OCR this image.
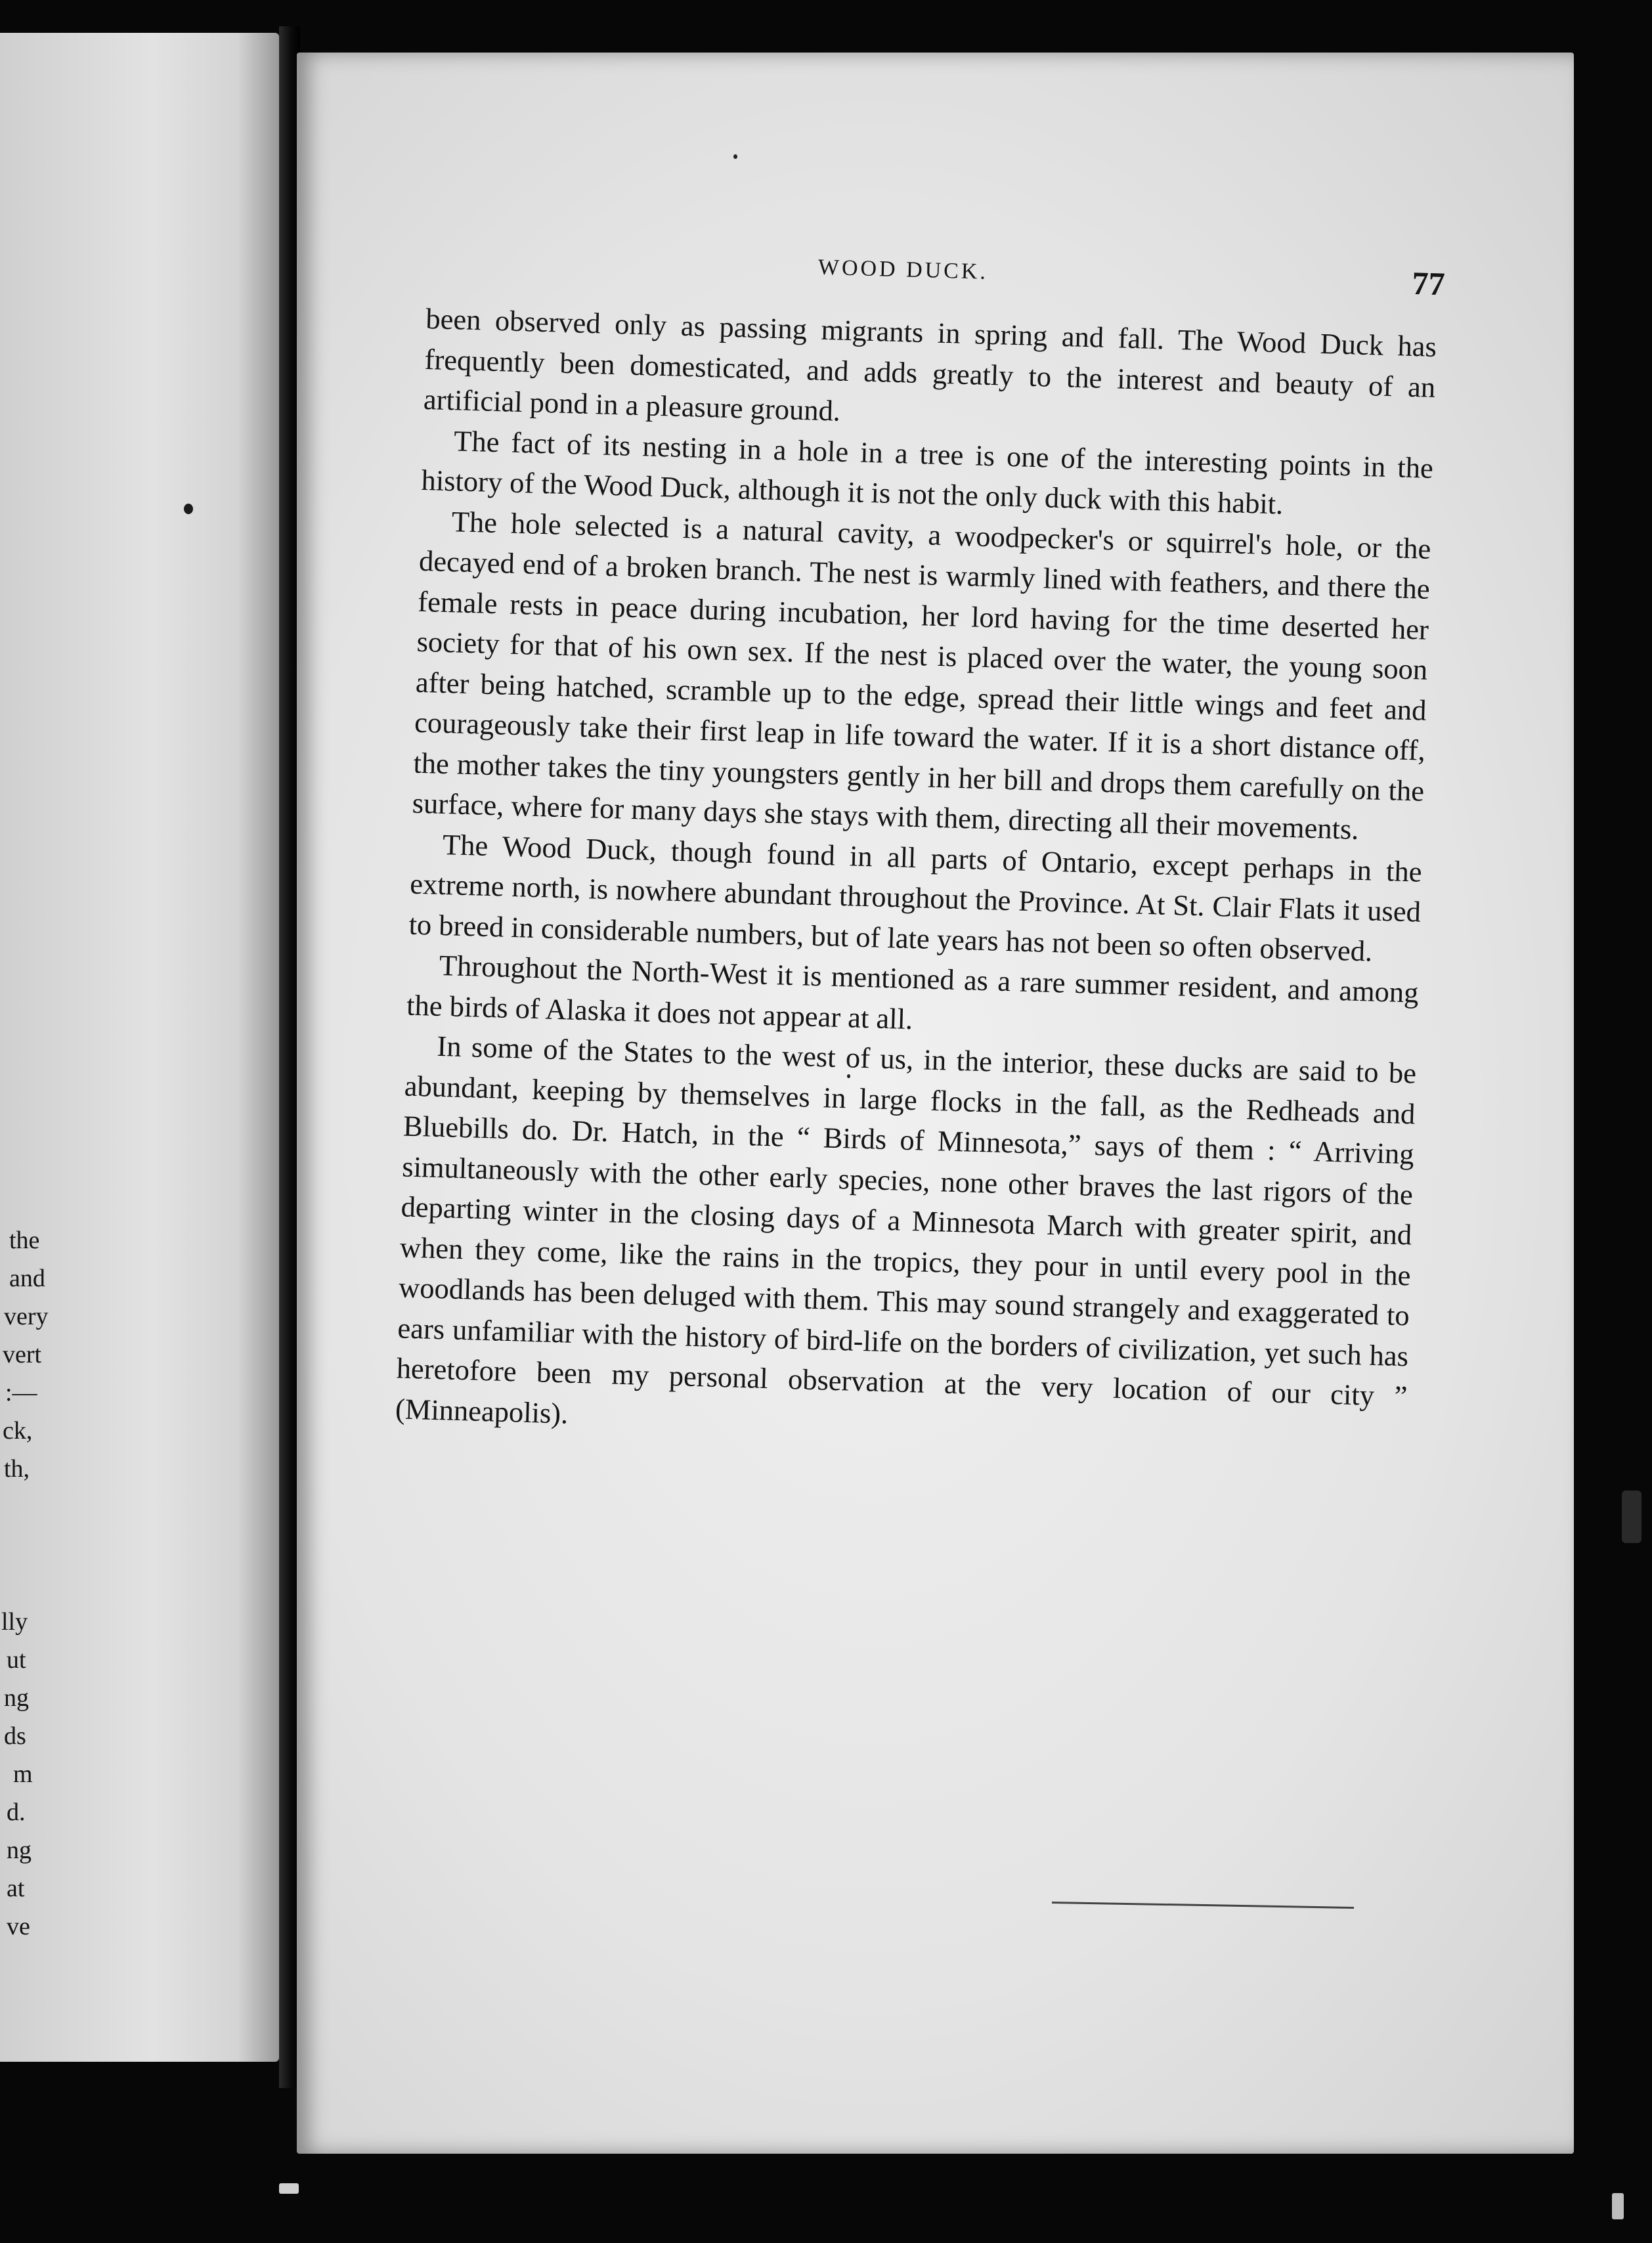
the
and
very
vert
:—
ck,
th,
lly
ut
ng
ds
m
d.
ng
at
ve
WOOD DUCK.	77

been observed only as passing migrants in spring and fall. The Wood Duck has frequently been domesticated, and adds greatly to the interest and beauty of an artificial pond in a pleasure ground.

The fact of its nesting in a hole in a tree is one of the interesting points in the history of the Wood Duck, although it is not the only duck with this habit.

The hole selected is a natural cavity, a woodpecker's or squirrel's hole, or the decayed end of a broken branch. The nest is warmly lined with feathers, and there the female rests in peace during incubation, her lord having for the time deserted her society for that of his own sex. If the nest is placed over the water, the young soon after being hatched, scramble up to the edge, spread their little wings and feet and courageously take their first leap in life toward the water. If it is a short distance off, the mother takes the tiny youngsters gently in her bill and drops them carefully on the surface, where for many days she stays with them, directing all their movements.

The Wood Duck, though found in all parts of Ontario, except perhaps in the extreme north, is nowhere abundant throughout the Province. At St. Clair Flats it used to breed in considerable numbers, but of late years has not been so often observed.

Throughout the North-West it is mentioned as a rare summer resident, and among the birds of Alaska it does not appear at all.

In some of the States to the west of us, in the interior, these ducks are said to be abundant, keeping by themselves in large flocks in the fall, as the Redheads and Bluebills do. Dr. Hatch, in the “ Birds of Minnesota,” says of them : “ Arriving simultaneously with the other early species, none other braves the last rigors of the departing winter in the closing days of a Minnesota March with greater spirit, and when they come, like the rains in the tropics, they pour in until every pool in the woodlands has been deluged with them. This may sound strangely and exaggerated to ears unfamiliar with the history of bird-life on the borders of civilization, yet such has heretofore been my personal observation at the very location of our city ” (Minneapolis).
